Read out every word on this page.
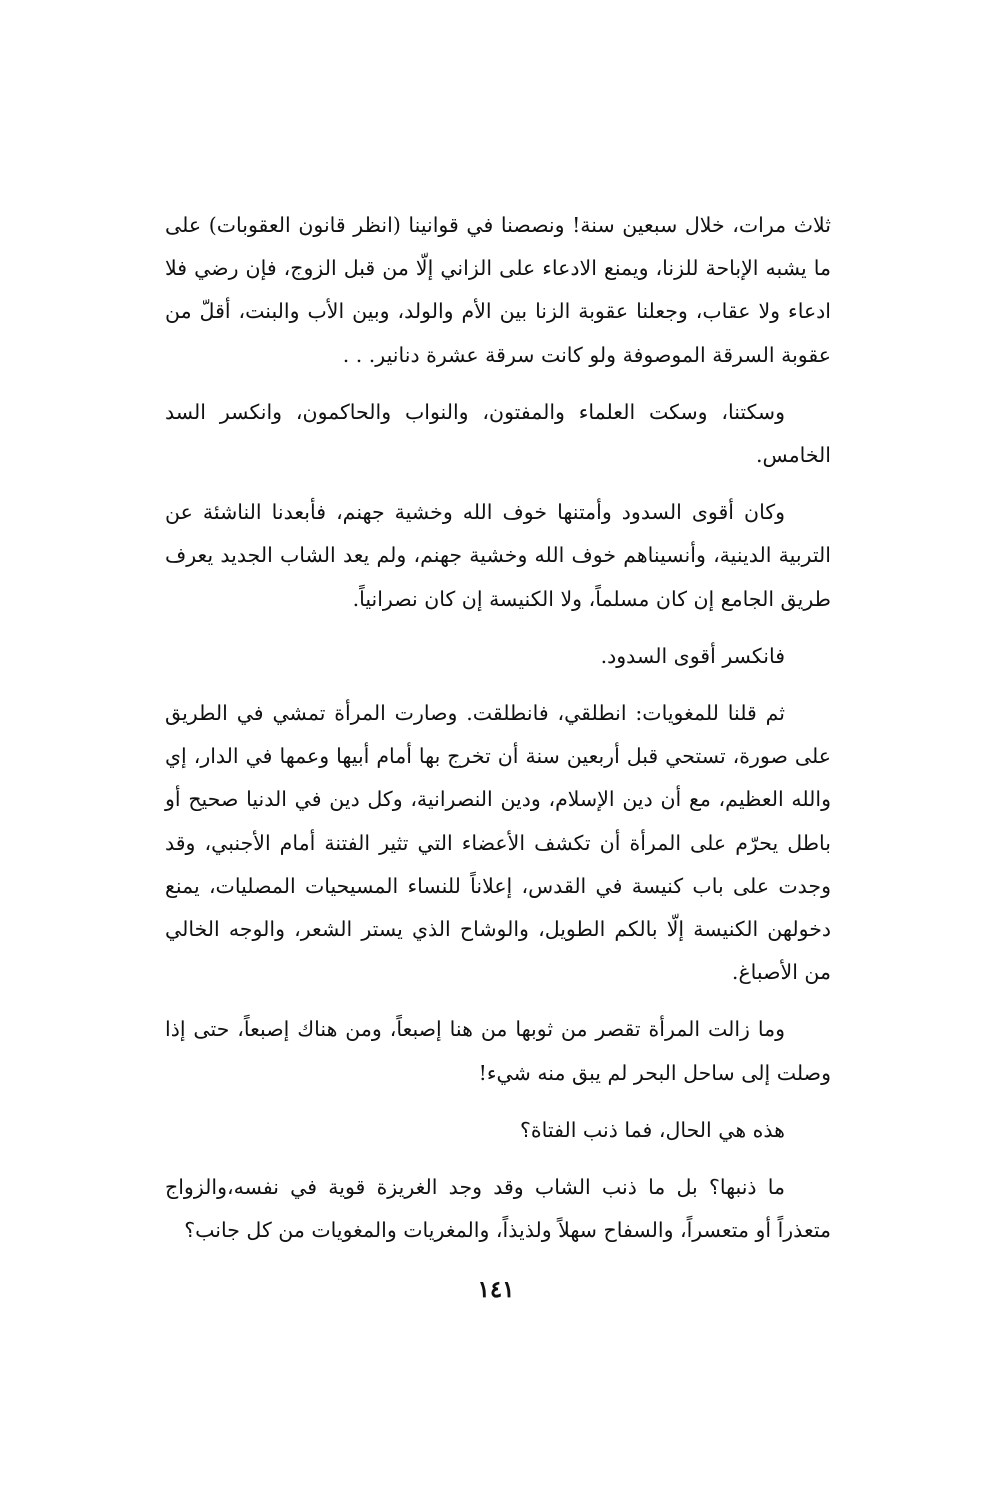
ثلاث مرات، خلال سبعين سنة! ونصصنا في قوانينا (انظر قانون العقوبات) على ما يشبه الإباحة للزنا، ويمنع الادعاء على الزاني إلّا من قبل الزوج، فإن رضي فلا ادعاء ولا عقاب، وجعلنا عقوبة الزنا بين الأم والولد، وبين الأب والبنت، أقلّ من عقوبة السرقة الموصوفة ولو كانت سرقة عشرة دنانير. . .

وسكتنا، وسكت العلماء والمفتون، والنواب والحاكمون، وانكسر السد الخامس.

وكان أقوى السدود وأمتنها خوف الله وخشية جهنم، فأبعدنا الناشئة عن التربية الدينية، وأنسيناهم خوف الله وخشية جهنم، ولم يعد الشاب الجديد يعرف طريق الجامع إن كان مسلماً، ولا الكنيسة إن كان نصرانياً.

فانكسر أقوى السدود.

ثم قلنا للمغويات: انطلقي، فانطلقت. وصارت المرأة تمشي في الطريق على صورة، تستحي قبل أربعين سنة أن تخرج بها أمام أبيها وعمها في الدار، إي والله العظيم، مع أن دين الإسلام، ودين النصرانية، وكل دين في الدنيا صحيح أو باطل يحرّم على المرأة أن تكشف الأعضاء التي تثير الفتنة أمام الأجنبي، وقد وجدت على باب كنيسة في القدس، إعلاناً للنساء المسيحيات المصليات، يمنع دخولهن الكنيسة إلّا بالكم الطويل، والوشاح الذي يستر الشعر، والوجه الخالي من الأصباغ.

وما زالت المرأة تقصر من ثوبها من هنا إصبعاً، ومن هناك إصبعاً، حتى إذا وصلت إلى ساحل البحر لم يبق منه شيء!

هذه هي الحال، فما ذنب الفتاة؟

ما ذنبها؟ بل ما ذنب الشاب وقد وجد الغريزة قوية في نفسه،والزواج متعذراً أو متعسراً، والسفاح سهلاً ولذيذاً، والمغريات والمغويات من كل جانب؟

١٤١
